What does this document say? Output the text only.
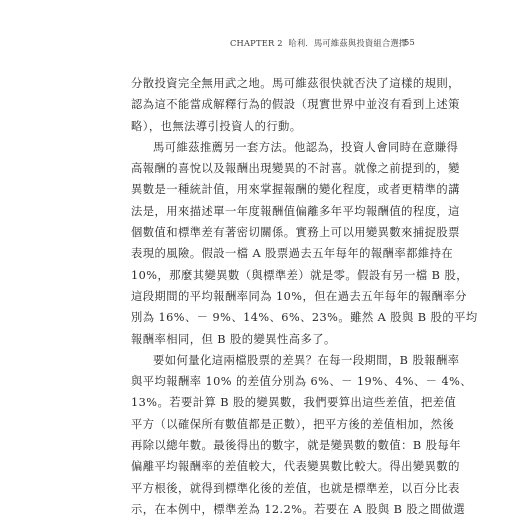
CHAPTER 2 哈利．馬可維茲與投資組合選擇
55
分散投資完全無用武之地。馬可維茲很快就否決了這樣的規則，
認為這不能當成解釋行為的假設（現實世界中並沒有看到上述策
略），也無法導引投資人的行動。
馬可維茲推薦另一套方法。他認為，投資人會同時在意賺得
高報酬的喜悅以及報酬出現變異的不討喜。就像之前提到的，變
異數是一種統計值，用來掌握報酬的變化程度，或者更精準的講
法是，用來描述單一年度報酬值偏離多年平均報酬值的程度，這
個數值和標準差有著密切關係。實務上可以用變異數來捕捉股票
表現的風險。假設一檔 A 股票過去五年每年的報酬率都維持在
10%，那麼其變異數（與標準差）就是零。假設有另一檔 B 股，
這段期間的平均報酬率同為 10%，但在過去五年每年的報酬率分
別為 16%、－ 9%、14%、6%、23%。雖然 A 股與 B 股的平均
報酬率相同，但 B 股的變異性高多了。
要如何量化這兩檔股票的差異？在每一段期間，B 股報酬率
與平均報酬率 10% 的差值分別為 6%、－ 19%、4%、－ 4%、
13%。若要計算 B 股的變異數，我們要算出這些差值，把差值
平方（以確保所有數值都是正數），把平方後的差值相加，然後
再除以總年數。最後得出的數字，就是變異數的數值：B 股每年
偏離平均報酬率的差值較大，代表變異數比較大。得出變異數的
平方根後，就得到標準化後的差值，也就是標準差，以百分比表
示，在本例中，標準差為 12.2%。若要在 A 股與 B 股之間做選
